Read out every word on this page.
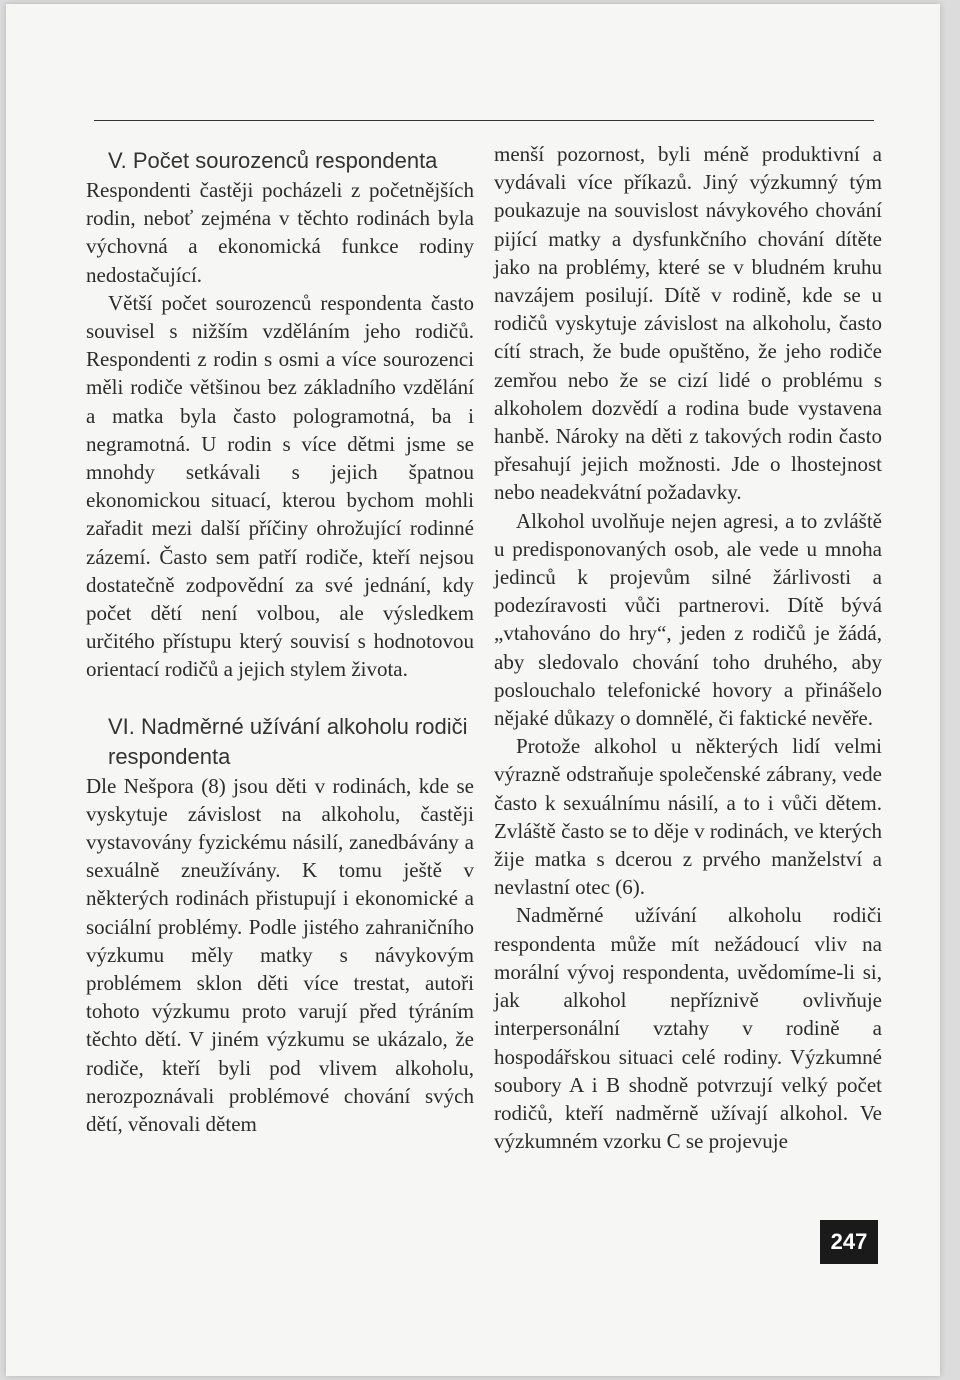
V. Počet sourozenců respondenta

Respondenti častěji pocházeli z početnějších rodin, neboť zejména v těchto rodinách byla výchovná a ekonomická funkce rodiny nedostačující.

Větší počet sourozenců respondenta často souvisel s nižším vzděláním jeho rodičů. Respondenti z rodin s osmi a více sourozenci měli rodiče většinou bez základního vzdělání a matka byla často pologramotná, ba i negramotná. U rodin s více dětmi jsme se mnohdy setkávali s jejich špatnou ekonomickou situací, kterou bychom mohli zařadit mezi další příčiny ohrožující rodinné zázemí. Často sem patří rodiče, kteří nejsou dostatečně zodpovědní za své jednání, kdy počet dětí není volbou, ale výsledkem určitého přístupu který souvisí s hodnotovou orientací rodičů a jejich stylem života.

VI. Nadměrné užívání alkoholu rodiči respondenta

Dle Nešpora (8) jsou děti v rodinách, kde se vyskytuje závislost na alkoholu, častěji vystavovány fyzickému násilí, zanedbávány a sexuálně zneužívány. K tomu ještě v některých rodinách přistupují i ekonomické a sociální problémy. Podle jistého zahraničního výzkumu měly matky s návykovým problémem sklon děti více trestat, autoři tohoto výzkumu proto varují před týráním těchto dětí. V jiném výzkumu se ukázalo, že rodiče, kteří byli pod vlivem alkoholu, nerozpoznávali problémové chování svých dětí, věnovali dětem

menší pozornost, byli méně produktivní a vydávali více příkazů. Jiný výzkumný tým poukazuje na souvislost návykového chování pijící matky a dysfunkčního chování dítěte jako na problémy, které se v bludném kruhu navzájem posilují. Dítě v rodině, kde se u rodičů vyskytuje závislost na alkoholu, často cítí strach, že bude opuštěno, že jeho rodiče zemřou nebo že se cizí lidé o problému s alkoholem dozvědí a rodina bude vystavena hanbě. Nároky na děti z takových rodin často přesahují jejich možnosti. Jde o lhostejnost nebo neadekvátní požadavky.

Alkohol uvolňuje nejen agresi, a to zvláště u predisponovaných osob, ale vede u mnoha jedinců k projevům silné žárlivosti a podezíravosti vůči partnerovi. Dítě bývá „vtahováno do hry“, jeden z rodičů je žádá, aby sledovalo chování toho druhého, aby poslouchalo telefonické hovory a přinášelo nějaké důkazy o domnělé, či faktické nevěře.

Protože alkohol u některých lidí velmi výrazně odstraňuje společenské zábrany, vede často k sexuálnímu násilí, a to i vůči dětem. Zvláště často se to děje v rodinách, ve kterých žije matka s dcerou z prvého manželství a nevlastní otec (6).

Nadměrné užívání alkoholu rodiči respondenta může mít nežádoucí vliv na morální vývoj respondenta, uvědomíme-li si, jak alkohol nepříznivě ovlivňuje interpersonální vztahy v rodině a hospodářskou situaci celé rodiny. Výzkumné soubory A i B shodně potvrzují velký počet rodičů, kteří nadměrně užívají alkohol. Ve výzkumném vzorku C se projevuje

247
